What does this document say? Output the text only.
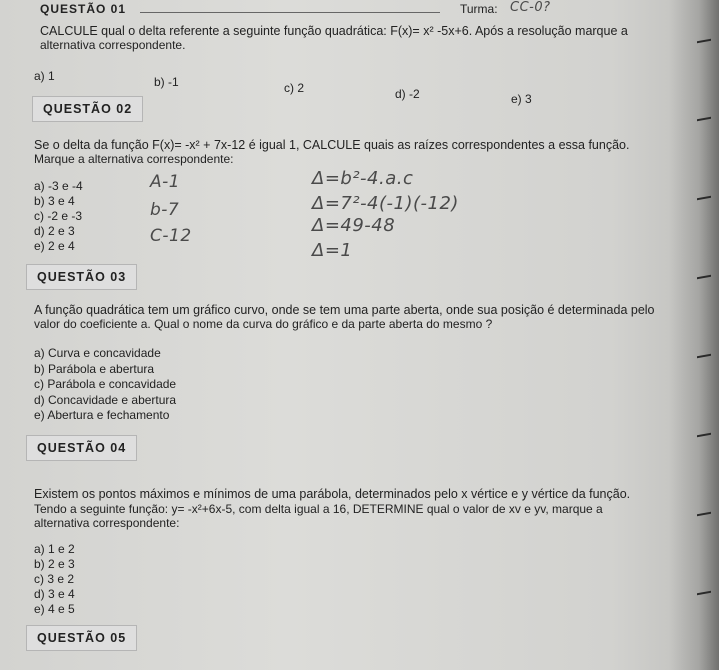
QUESTÃO 01	Turma: CC-0?
CALCULE qual o delta referente a seguinte função quadrática: F(x)= x² -5x+6. Após a resolução marque a
alternativa correspondente.
a) 1	b) -1	c) 2	d) -2	e) 3
QUESTÃO 02
Se o delta da função F(x)= -x² + 7x-12 é igual 1, CALCULE quais as raízes correspondentes a essa função.
Marque a alternativa correspondente:
a) -3 e -4
b) 3 e 4
c) -2 e -3
d) 2 e 3
e) 2 e 4
A-1
b-7
C-12
Δ=b²-4.a.c
Δ=7²-4(-1)(-12)
Δ=49-48
Δ=1
QUESTÃO 03
A função quadrática tem um gráfico curvo, onde se tem uma parte aberta, onde sua posição é determinada pelo
valor do coeficiente a. Qual o nome da curva do gráfico e da parte aberta do mesmo ?
a) Curva e concavidade
b) Parábola e abertura
c) Parábola e concavidade
d) Concavidade e abertura
e) Abertura e fechamento
QUESTÃO 04
Existem os pontos máximos e mínimos de uma parábola, determinados pelo x vértice e y vértice da função.
Tendo a seguinte função: y= -x²+6x-5, com delta igual a 16, DETERMINE qual o valor de xv e yv, marque a
alternativa correspondente:
a) 1 e 2
b) 2 e 3
c) 3 e 2
d) 3 e 4
e) 4 e 5
QUESTÃO 05
